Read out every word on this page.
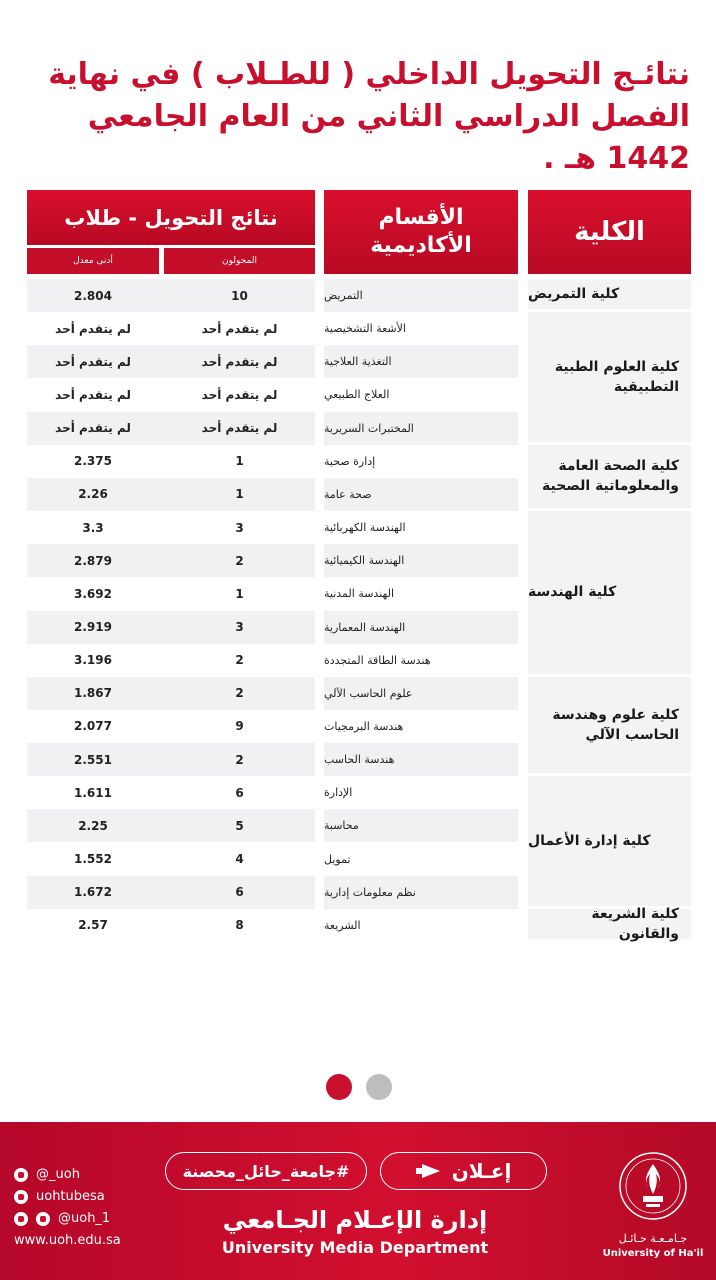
نتائـج التحويل الداخلي ( للطـلاب ) في نهاية الفصل الدراسي الثاني من العام الجامعي 1442 هـ .
الكلية
الأقسام الأكاديمية
نتائج التحويل - طلاب
المحولون
أدنى معدل
التمريض
10
2.804
الأشعة التشخيصية
لم يتقدم أحد
لم يتقدم أحد
التغذية العلاجية
لم يتقدم أحد
لم يتقدم أحد
العلاج الطبيعي
لم يتقدم أحد
لم يتقدم أحد
المختبرات السريرية
لم يتقدم أحد
لم يتقدم أحد
إدارة صحية
1
2.375
صحة عامة
1
2.26
الهندسة الكهربائية
3
3.3
الهندسة الكيميائية
2
2.879
الهندسة المدنية
1
3.692
الهندسة المعمارية
3
2.919
هندسة الطاقة المتجددة
2
3.196
علوم الحاسب الآلي
2
1.867
هندسة البرمجيات
9
2.077
هندسة الحاسب
2
2.551
الإدارة
6
1.611
محاسبة
5
2.25
تمويل
4
1.552
نظم معلومات إدارية
6
1.672
الشريعة
8
2.57
كلية التمريض
كلية العلوم الطبية التطبيقية
كلية الصحة العامة والمعلوماتية الصحية
كلية الهندسة
كلية علوم وهندسة الحاسب الآلي
كلية إدارة الأعمال
كلية الشريعة والقانون
@_uoh
uohtubesa
@uoh_1
www.uoh.edu.sa
#جامعة_حائل_محصنة	إعـلان
إدارة الإعـلام الجـامعي
University Media Department	جـامـعـة حـائـل
University of Ha'il
